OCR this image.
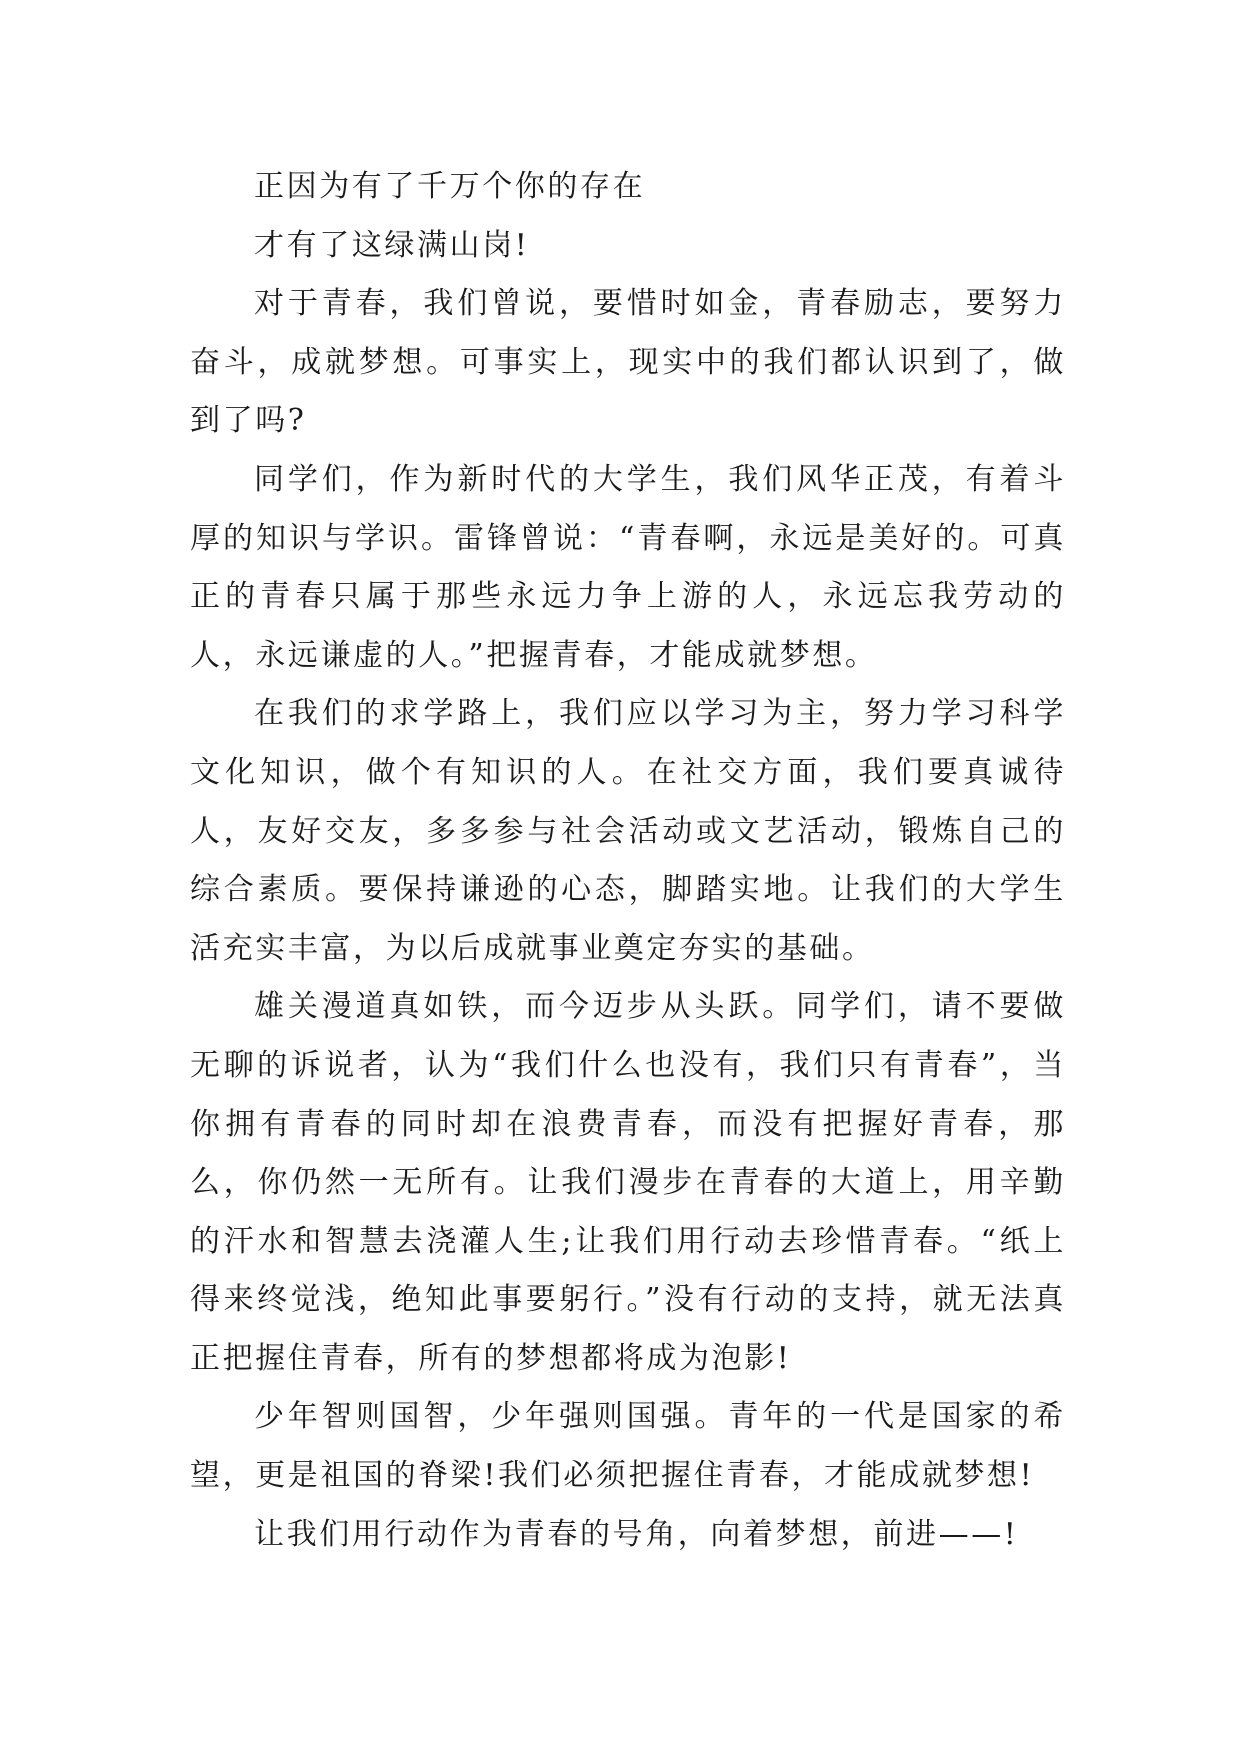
正因为有了千万个你的存在

才有了这绿满山岗!

对于青春，我们曾说，要惜时如金，青春励志，要努力奋斗，成就梦想。可事实上，现实中的我们都认识到了，做到了吗?

同学们，作为新时代的大学生，我们风华正茂，有着斗厚的知识与学识。雷锋曾说：“青春啊，永远是美好的。可真正的青春只属于那些永远力争上游的人，永远忘我劳动的人，永远谦虚的人。”把握青春，才能成就梦想。

在我们的求学路上，我们应以学习为主，努力学习科学文化知识，做个有知识的人。在社交方面，我们要真诚待人，友好交友，多多参与社会活动或文艺活动，锻炼自己的综合素质。要保持谦逊的心态，脚踏实地。让我们的大学生活充实丰富，为以后成就事业奠定夯实的基础。

雄关漫道真如铁，而今迈步从头跃。同学们，请不要做无聊的诉说者，认为“我们什么也没有，我们只有青春”，当你拥有青春的同时却在浪费青春，而没有把握好青春，那么，你仍然一无所有。让我们漫步在青春的大道上，用辛勤的汗水和智慧去浇灌人生;让我们用行动去珍惜青春。“纸上得来终觉浅，绝知此事要躬行。”没有行动的支持，就无法真正把握住青春，所有的梦想都将成为泡影!

少年智则国智，少年强则国强。青年的一代是国家的希望，更是祖国的脊梁!我们必须把握住青春，才能成就梦想!

让我们用行动作为青春的号角，向着梦想，前进——!
